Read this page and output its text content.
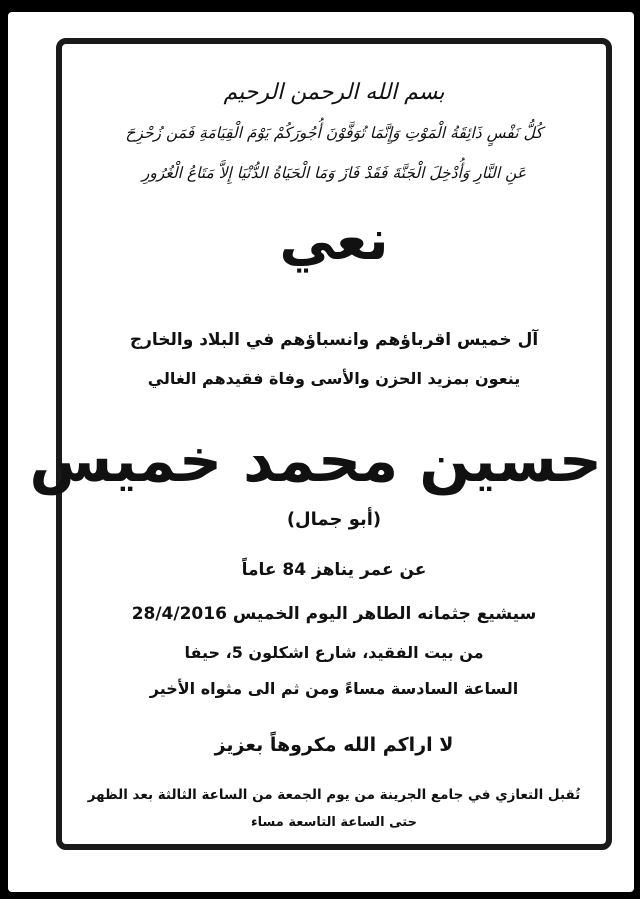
بسم الله الرحمن الرحيم
كُلُّ نَفْسٍ ذَائِقَةُ الْمَوْتِ وَإِنَّمَا تُوَفَّوْنَ أُجُورَكُمْ يَوْمَ الْقِيَامَةِ فَمَن زُحْزِحَ
عَنِ النَّارِ وَأُدْخِلَ الْجَنَّةَ فَقَدْ فَازَ وَمَا الْحَيَاةُ الدُّنْيَا إِلاَّ مَتَاعُ الْغُرُورِ
نعي
آل خميس اقرباؤهم وانسباؤهم في البلاد والخارج
ينعون بمزيد الحزن والأسى وفاة فقيدهم الغالي
حسين محمد خميس
(أبو جمال)
عن عمر يناهز 84 عاماً
سيشيع جثمانه الطاهر اليوم الخميس 28/4/2016
من بيت الفقيد، شارع اشكلون 5، حيفا
الساعة السادسة مساءً ومن ثم الى مثواه الأخير
لا اراكم الله مكروهاً بعزيز
تُقبل التعازي في جامع الجرينة من يوم الجمعة من الساعة الثالثة بعد الظهر
حتى الساعة التاسعة مساء
